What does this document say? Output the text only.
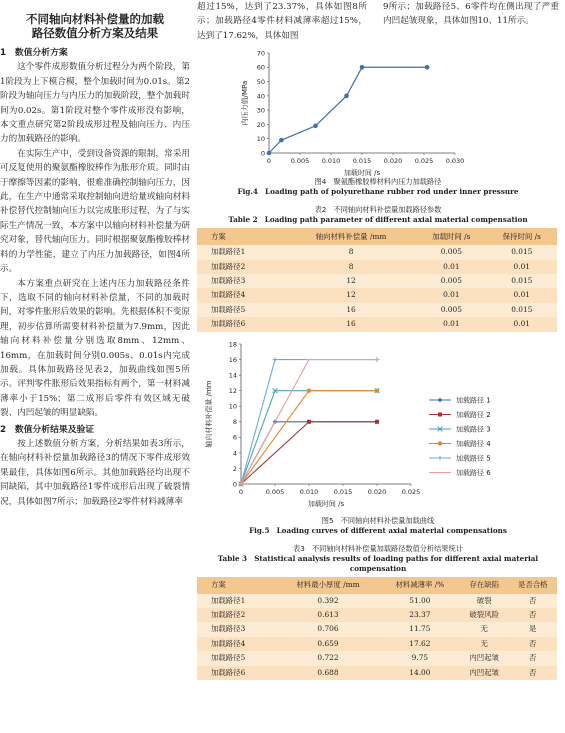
不同轴向材料补偿量的加载
路径数值分析方案及结果
1　数值分析方案

这个零件成形数值分析过程分为两个阶段，第1阶段为上下模合模，整个加载时间为0.01s。第2阶段为轴向压力与内压力的加载阶段，整个加载时间为0.02s。第1阶段对整个零件成形没有影响，本文重点研究第2阶段成形过程及轴向压力、内压力的加载路径的影响。

在实际生产中，受到设备资源的限制，常采用可反复使用的聚氨酯橡胶棒作为胀形介质。同时由于摩擦等因素的影响，很难准确控制轴向压力，因此，在生产中通常采取控制轴向进给量或轴向材料补偿替代控制轴向压力以完成胀形过程，为了与实际生产情况一致，本方案中以轴向材料补偿量为研究对象，替代轴向压力。同时根据聚氨酯橡胶棒材料的力学性能，建立了内压力加载路径，如图4所示。

本方案重点研究在上述内压力加载路径条件下，选取不同的轴向材料补偿量，不同的加载时间，对零件胀形后效果的影响。先根据体积不变原理，初步估算所需要材料补偿量为7.9mm，因此轴向材料补偿量分别选取8mm、12mm、16mm，在加载时间分别0.005s、0.01s内完成加载。具体加载路径见表2，加载曲线如图5所示。评判零件胀形后效果指标有两个，第一材料减薄率小于15%；第二成形后零件有效区域无破裂、内凹起皱的明显缺陷。

2　数值分析结果及验证

按上述数值分析方案，分析结果如表3所示，在轴向材料补偿量加载路径3的情况下零件成形效果最佳，具体如图6所示。其他加载路径均出现不同缺陷，其中加载路径1零件成形后出现了破裂情况，具体如图7所示；加载路径2零件材料减薄率

超过15%，达到了23.37%，具体如图8所示；加载路径4零件材料减薄率超过15%，达到了17.62%，具体如图

9所示；加载路径5、6零件均在侧出现了严重内凹起皱现象，具体如图10、11所示。

0
10
20
30
40
50
60
70
0	0.005 0.010 0.015 0.020 0.025 0.030
加载时间 /s
内压力值/MPa

图4　聚氨酯橡胶棒材料内压力加载路径

Fig.4　Loading path of polyurethane rubber rod under inner pressure

表2　不同轴向材料补偿量加载路径参数

Table 2　Loading path parameter of different axial material compensation

方案	轴向材料补偿量 /mm	加载时间 /s	保持时间 /s
加载路径1	8	0.005	0.015
加载路径2	8	0.01	0.01
加载路径3	12	0.005	0.015
加载路径4	12	0.01	0.01
加载路径5	16	0.005	0.015
加载路径6	16	0.01	0.01
0
2
4
6
8
10
12
14
16
18
0	0.005 0.010 0.015 0.020 0.025
加载时间 /s
轴向材料补偿量 /mm	加载路径 1
加载路径 2
加载路径 3
加载路径 4
加载路径 5
加载路径 6

图5　不同轴向材料补偿量加载曲线

Fig.5　Loading curves of different axial material compensations

表3　不同轴向材料补偿量加载路径数值分析结果统计

Table 3　Statistical analysis results of loading paths for different axial material compensation

方案	材料最小厚度 /mm	材料减薄率 /%	存在缺陷	是否合格
加载路径1	0.392	51.00	破裂	否
加载路径2	0.613	23.37	破裂风险	否
加载路径3	0.706	11.75	无	是
加载路径4	0.659	17.62	无	否
加载路径5	0.722	9.75	内凹起皱	否
加载路径6	0.688	14.00	内凹起皱	否
